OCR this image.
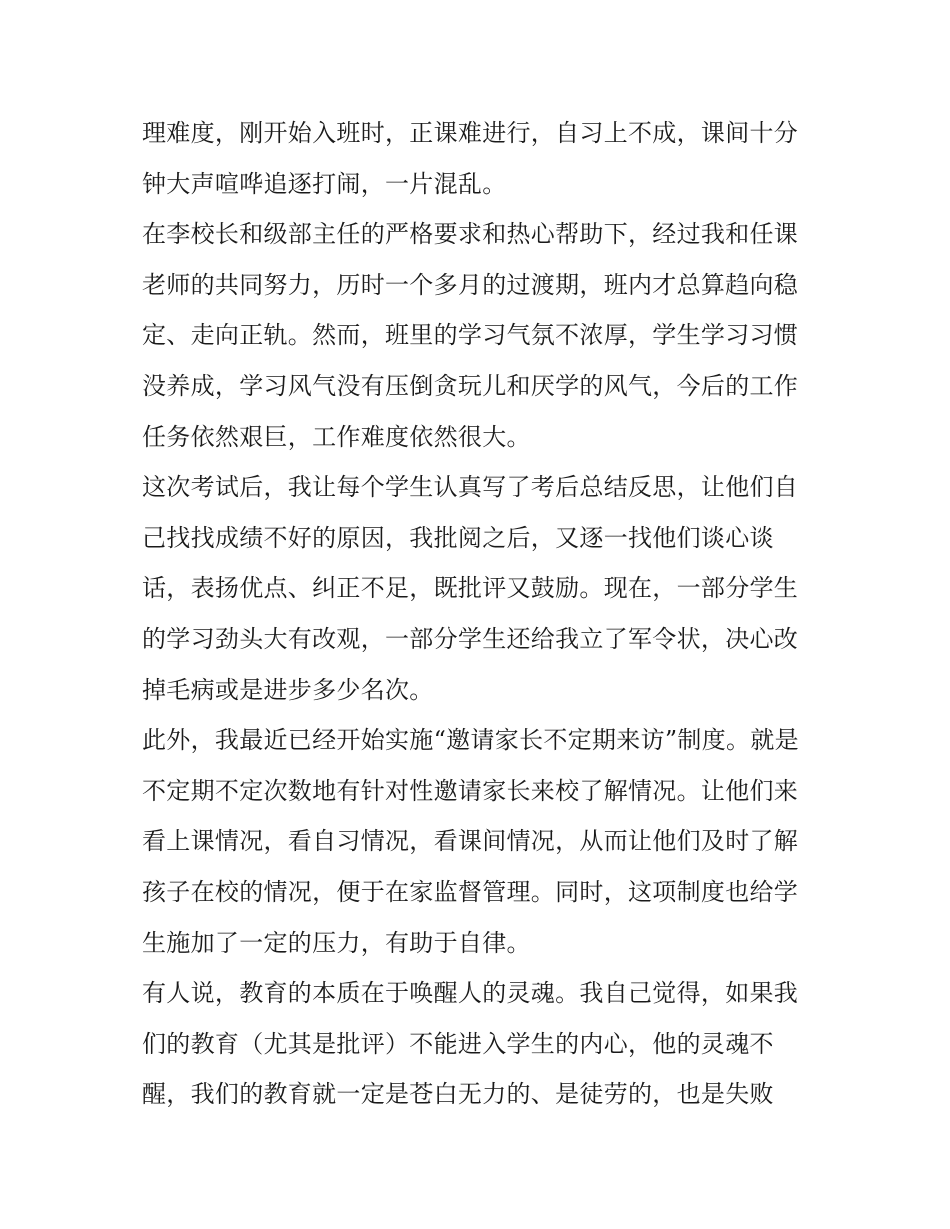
理难度，刚开始入班时，正课难进行，自习上不成，课间十分
钟大声喧哗追逐打闹，一片混乱。
在李校长和级部主任的严格要求和热心帮助下，经过我和任课
老师的共同努力，历时一个多月的过渡期，班内才总算趋向稳
定、走向正轨。然而，班里的学习气氛不浓厚，学生学习习惯
没养成，学习风气没有压倒贪玩儿和厌学的风气，今后的工作
任务依然艰巨，工作难度依然很大。
这次考试后，我让每个学生认真写了考后总结反思，让他们自
己找找成绩不好的原因，我批阅之后，又逐一找他们谈心谈
话，表扬优点、纠正不足，既批评又鼓励。现在，一部分学生
的学习劲头大有改观，一部分学生还给我立了军令状，决心改
掉毛病或是进步多少名次。
此外，我最近已经开始实施“邀请家长不定期来访”制度。就是
不定期不定次数地有针对性邀请家长来校了解情况。让他们来
看上课情况，看自习情况，看课间情况，从而让他们及时了解
孩子在校的情况，便于在家监督管理。同时，这项制度也给学
生施加了一定的压力，有助于自律。
有人说，教育的本质在于唤醒人的灵魂。我自己觉得，如果我
们的教育（尤其是批评）不能进入学生的内心，他的灵魂不
醒，我们的教育就一定是苍白无力的、是徒劳的，也是失败
